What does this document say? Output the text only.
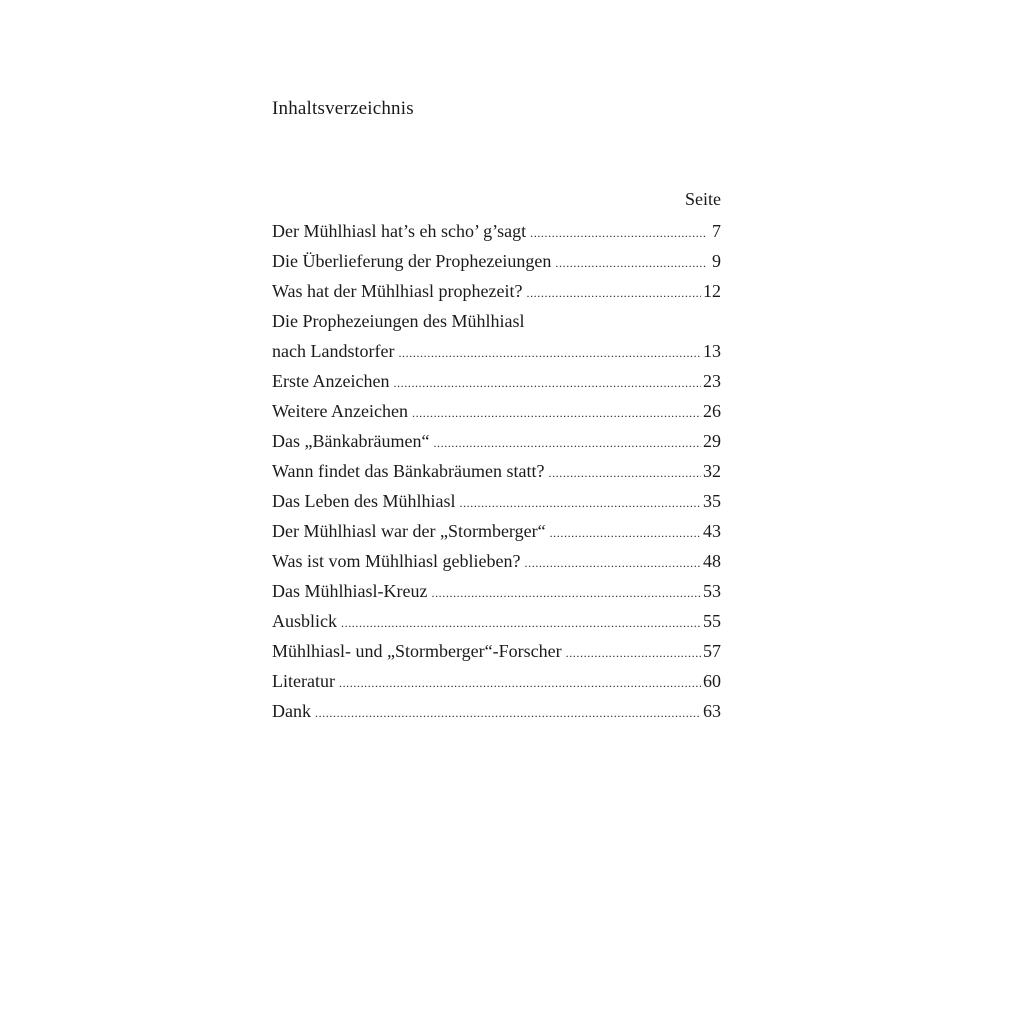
Inhaltsverzeichnis
Seite
Der Mühlhiasl hat’s eh scho’ g’sagt .....	7
Die Überlieferung der Prophezeiungen .....	9
Was hat der Mühlhiasl prophezeit? .....	12
Die Prophezeiungen des Mühlhiasl
nach Landstorfer .....	13
Erste Anzeichen .....	23
Weitere Anzeichen .....	26
Das „Bänkabräumen“ .....	29
Wann findet das Bänkabräumen statt? .....	32
Das Leben des Mühlhiasl .....	35
Der Mühlhiasl war der „Stormberger“ .....	43
Was ist vom Mühlhiasl geblieben? .....	48
Das Mühlhiasl-Kreuz .....	53
Ausblick .....	55
Mühlhiasl- und „Stormberger“-Forscher .....	57
Literatur .....	60
Dank .....	63
